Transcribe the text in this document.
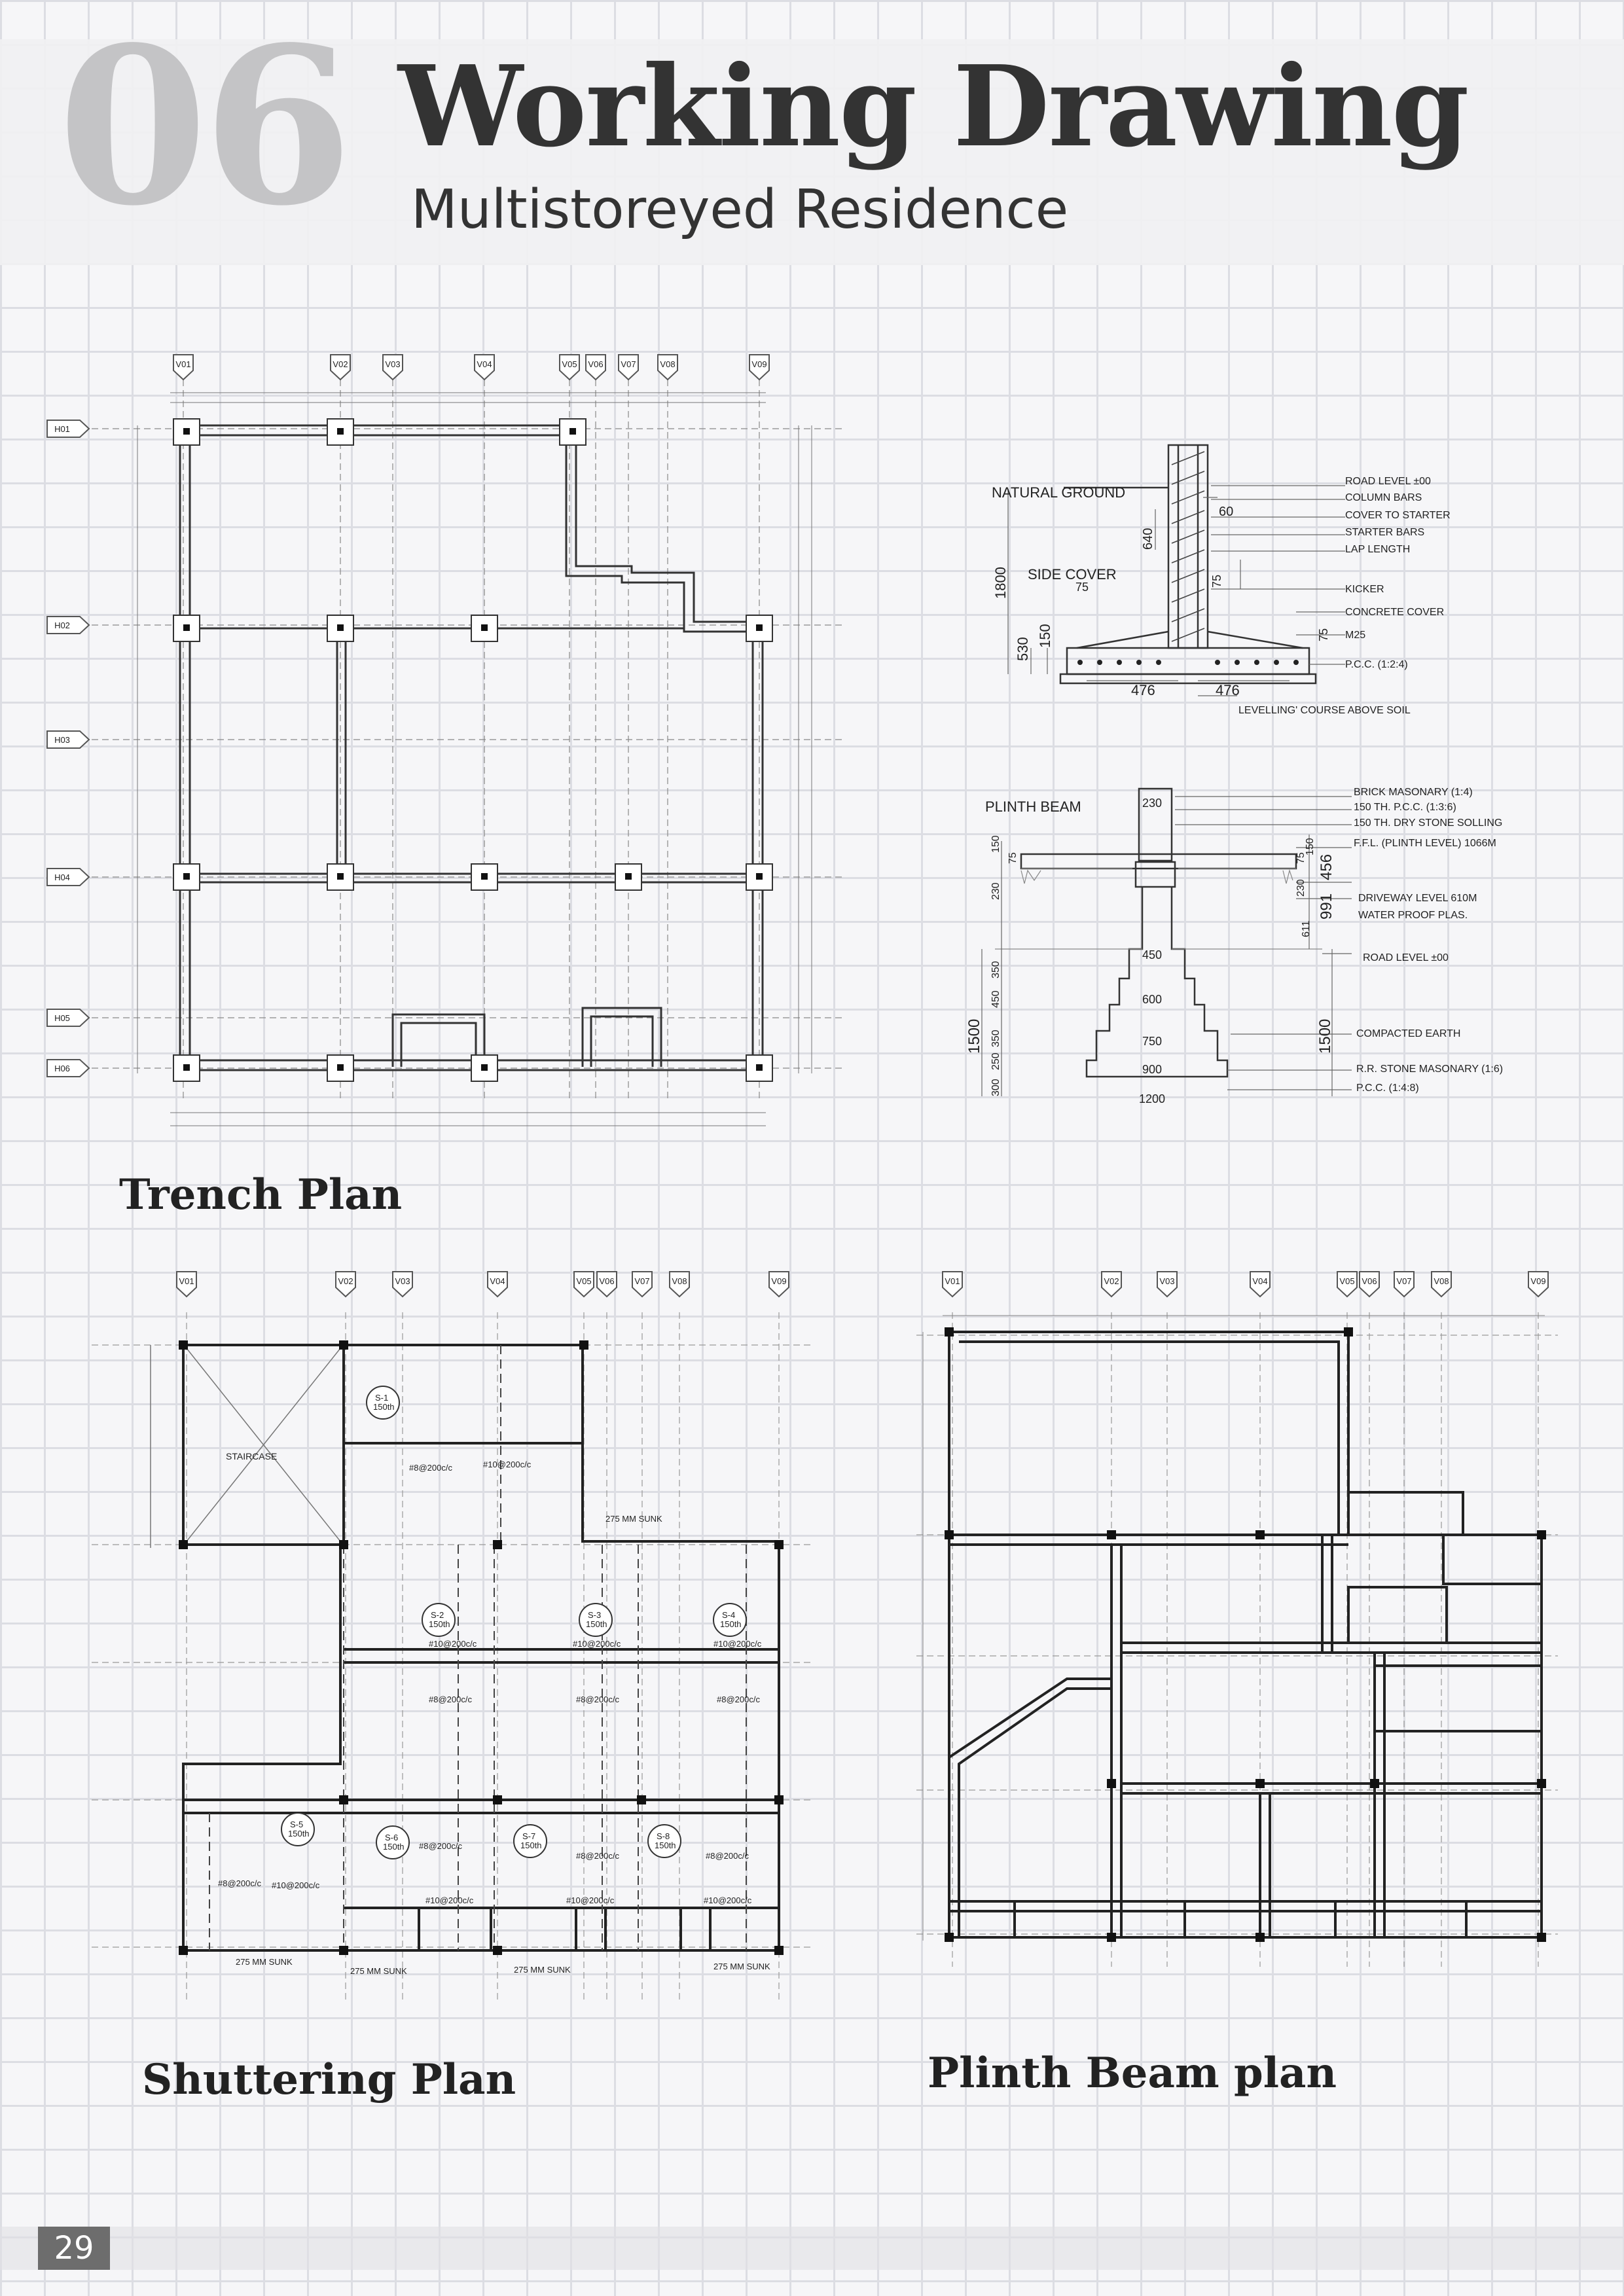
06 Working Drawing
Multistoreyed Residence
V01	V02	V03	V04	V05 V06 V07	V08	V09
H01
H02
H03
H04
H05
H06
Trench Plan
NATURAL GROUND
SIDE COVER
ROAD LEVEL ±00
COLUMN BARS
COVER TO STARTER
STARTER BARS
LAP LENGTH
KICKER
CONCRETE COVER
M25
P.C.C. (1:2:4)
LEVELLING' COURSE ABOVE SOIL
1800
530
150
640
60
75	75
75
476	476
PLINTH BEAM
BRICK MASONARY (1:4)
150 TH. P.C.C. (1:3:6)
150 TH. DRY STONE SOLLING
F.F.L. (PLINTH LEVEL) 1066M
DRIVEWAY LEVEL 610M
WATER PROOF PLAS.
ROAD LEVEL ±00
COMPACTED EARTH
R.R. STONE MASONARY (1:6)
P.C.C. (1:4:8)
230
450
600
750
900
1200
150
75
230
350
450
350
250
300
1500
75
150
230
456
991
611
1500
V01	V02	V03	V04	V05 V06 V07	V08	V09
S-1
150th
S-2
150th
S-3
150th
S-4
150th
S-5
150th	S-6
150th
S-7
150th
S-8
150th
STAIRCASE
275 MM SUNK
275 MM SUNK
275 MM SUNK	275 MM SUNK	275 MM SUNK
#8@200c/c	#10@200c/c
#10@200c/c	#10@200c/c	#10@200c/c
#8@200c/c	#8@200c/c	#8@200c/c
#8@200c/c #10@200c/c
#8@200c/c
#8@200c/c	#8@200c/c
#10@200c/c	#10@200c/c	#10@200c/c
Shuttering Plan
V01	V02	V03	V04	V05 V06 V07	V08	V09
Plinth Beam plan
29
